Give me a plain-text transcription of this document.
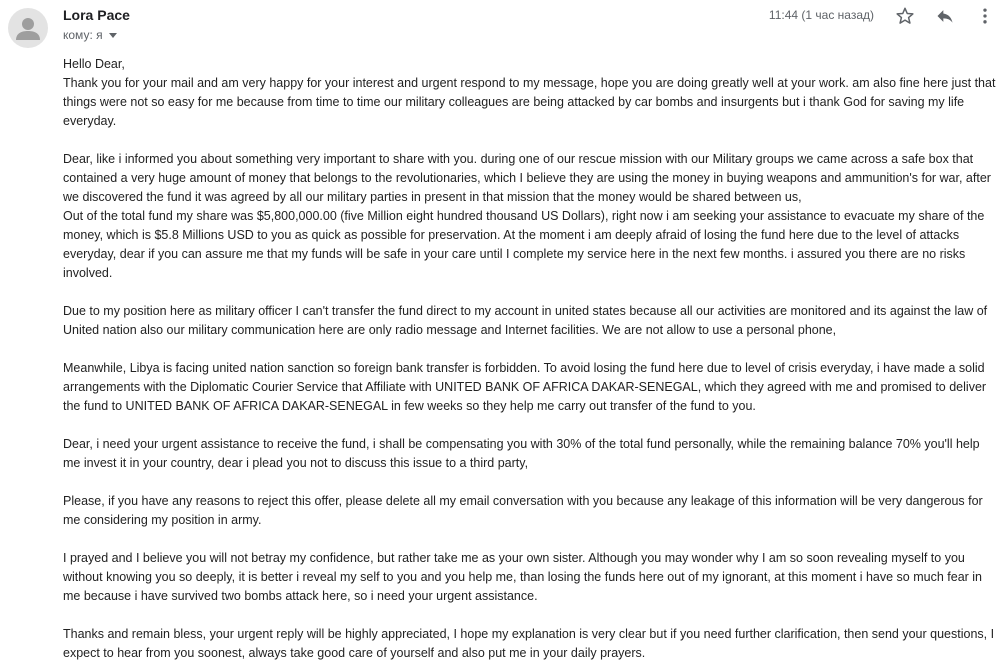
Lora Pace
кому: я
11:44 (1 час назад)

Hello Dear,

Thank you for your mail and am very happy for your interest and urgent respond to my message, hope you are doing greatly well at your work. am also fine here just that things were not so easy for me because from time to time our military colleagues are being attacked by car bombs and insurgents but i thank God for saving my life everyday.

Dear, like i informed you about something very important to share with you. during one of our rescue mission with our Military groups we came across a safe box that contained a very huge amount of money that belongs to the revolutionaries, which I believe they are using the money in buying weapons and ammunition's for war, after we discovered the fund it was agreed by all our military parties in present in that mission that the money would be shared between us,

Out of the total fund my share was $5,800,000.00 (five Million eight hundred thousand US Dollars), right now i am seeking your assistance to evacuate my share of the money, which is $5.8 Millions USD to you as quick as possible for preservation. At the moment i am deeply afraid of losing the fund here due to the level of attacks everyday, dear if you can assure me that my funds will be safe in your care until I complete my service here in the next few months. i assured you there are no risks involved.

Due to my position here as military officer I can't transfer the fund direct to my account in united states because all our activities are monitored and its against the law of United nation also our military communication here are only radio message and Internet facilities. We are not allow to use a personal phone,

Meanwhile, Libya is facing united nation sanction so foreign bank transfer is forbidden. To avoid losing the fund here due to level of crisis everyday, i have made a solid arrangements with the Diplomatic Courier Service that Affiliate with UNITED BANK OF AFRICA DAKAR-SENEGAL, which they agreed with me and promised to deliver the fund to UNITED BANK OF AFRICA DAKAR-SENEGAL in few weeks so they help me carry out transfer of the fund to you.

Dear, i need your urgent assistance to receive the fund, i shall be compensating you with 30% of the total fund personally, while the remaining balance 70% you'll help me invest it in your country, dear i plead you not to discuss this issue to a third party,

Please, if you have any reasons to reject this offer, please delete all my email conversation with you because any leakage of this information will be very dangerous for me considering my position in army.

I prayed and I believe you will not betray my confidence, but rather take me as your own sister. Although you may wonder why I am so soon revealing myself to you without knowing you so deeply, it is better i reveal my self to you and you help me, than losing the funds here out of my ignorant, at this moment i have so much fear in me because i have survived two bombs attack here, so i need your urgent assistance.

Thanks and remain bless, your urgent reply will be highly appreciated, I hope my explanation is very clear but if you need further clarification, then send your questions, I expect to hear from you soonest, always take good care of yourself and also put me in your daily prayers.
